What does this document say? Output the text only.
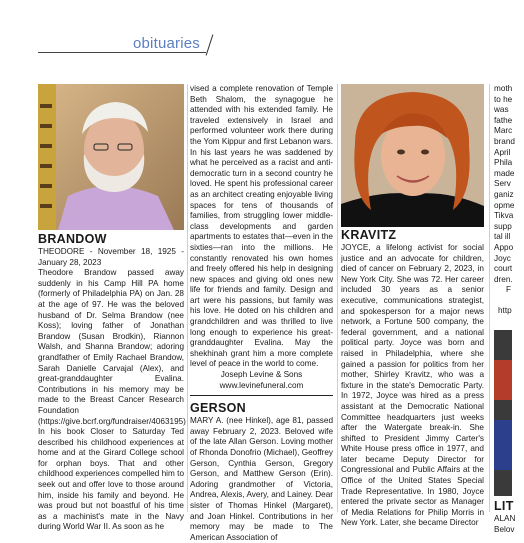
obituaries
BRANDOW

THEODORE - November 18, 1925 - January 28, 2023

Theodore Brandow passed away suddenly in his Camp Hill PA home (formerly of Philadelphia PA) on Jan. 28 at the age of 97. He was the beloved husband of Dr. Selma Brandow (nee Koss); loving father of Jonathan Brandow (Susan Brodkin), Riannon Walsh, and Shanna Brandow; adoring grandfather of Emily Rachael Brandow, Sarah Danielle Carvajal (Alex), and great-granddaughter Evalina. Contributions in his memory may be made to the Breast Cancer Research Foundation (https://give.bcrf.org/fundraiser/4063195) In his book Closer to Saturday Ted described his childhood experiences at home and at the Girard College school for orphan boys. That and other childhood experiences compelled him to seek out and offer love to those around him, inside his family and beyond. He was proud but not boastful of his time as a machinist's mate in the Navy during World War II. As soon as he

vised a complete renovation of Temple Beth Shalom, the synagogue he attended with his extended family. He traveled extensively in Israel and performed volunteer work there during the Yom Kippur and first Lebanon wars. In his last years he was saddened by what he perceived as a racist and anti-democratic turn in a second country he loved. He spent his professional career as an architect creating enjoyable living spaces for tens of thousands of families, from struggling lower middle-class developments and garden apartments to estates that—even in the sixties—ran into the millions. He constantly renovated his own homes and freely offered his help in designing new spaces and giving old ones new life for friends and family. Design and art were his passions, but family was his love. He doted on his children and grandchildren and was thrilled to live long enough to experience his great-granddaughter Evalina. May the shekhinah grant him a more complete level of peace in the world to come.

Joseph Levine & Sons

www.levinefuneral.com

GERSON

MARY A. (nee Hinkel), age 81, passed away February 2, 2023. Beloved wife of the late Allan Gerson. Loving mother of Rhonda Donofrio (Michael), Geoffrey Gerson, Cynthia Gerson, Gregory Gerson, and Matthew Gerson (Erin). Adoring grandmother of Victoria, Andrea, Alexis, Avery, and Lainey. Dear sister of Thomas Hinkel (Margaret), and Joan Hinkel. Contributions in her memory may be made to The American Association of

KRAVITZ

JOYCE, a lifelong activist for social justice and an advocate for children, died of cancer on February 2, 2023, in New York City. She was 72. Her career included 30 years as a senior executive, communications strategist, and spokesperson for a major news network, a Fortune 500 company, the federal government, and a national political party. Joyce was born and raised in Philadelphia, where she gained a passion for politics from her mother, Shirley Kravitz, who was a fixture in the state's Democratic Party. In 1972, Joyce was hired as a press assistant at the Democratic National Committee headquarters just weeks after the Watergate break-in. She shifted to President Jimmy Carter's White House press office in 1977, and later became Deputy Director for Congressional and Public Affairs at the Office of the United States Special Trade Representative. In 1980, Joyce entered the private sector as Manager of Media Relations for Philip Morris in New York. Later, she became Director

moth
to he
was
fathe
Marc
brand
April
Phila
made
Serv
ganiz
opme
Tikva
supp
tal ill
Appo
Joyc
court
dren.
F
http
LIT
ALAN
Belov
